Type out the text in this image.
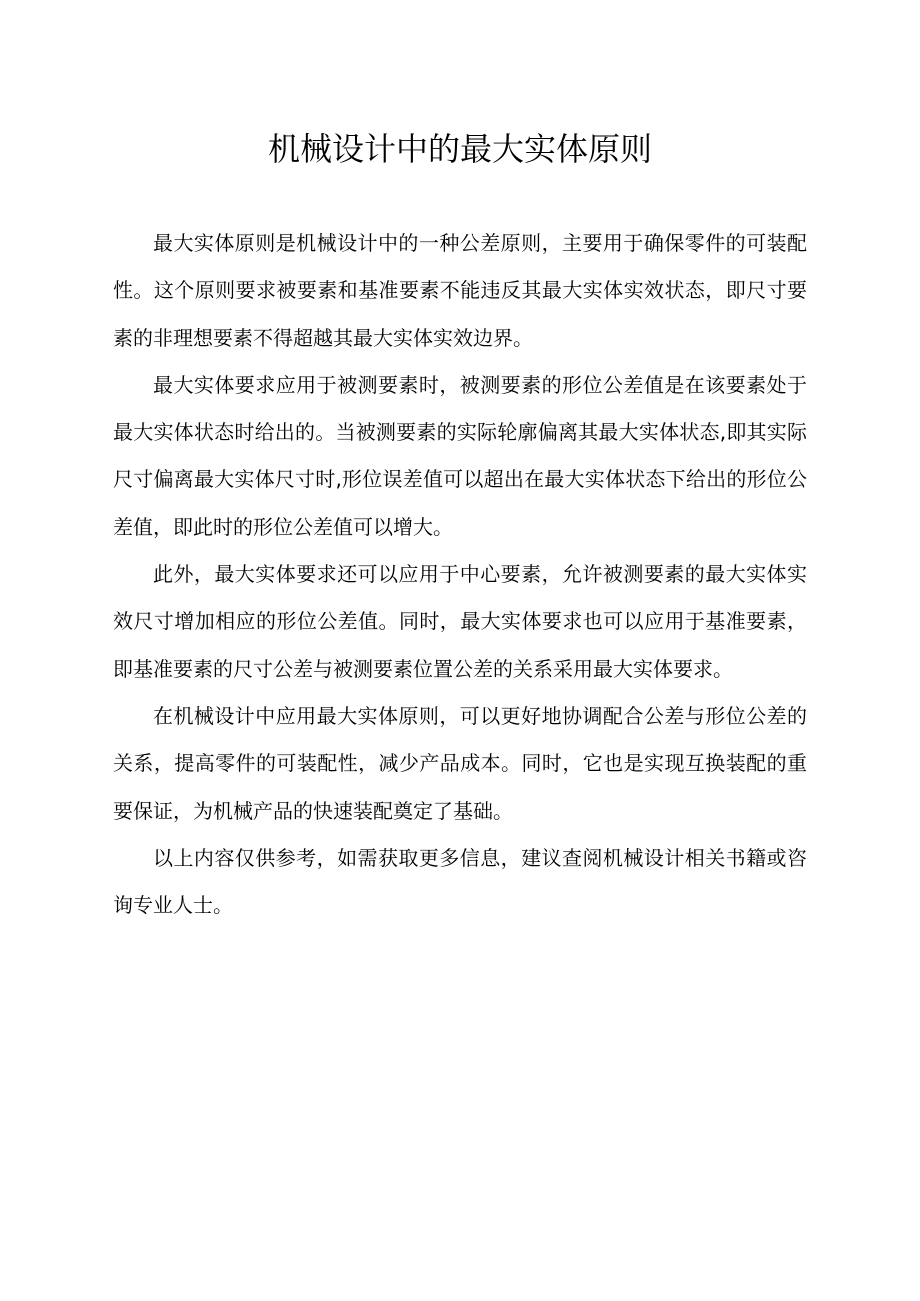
机械设计中的最大实体原则

最大实体原则是机械设计中的一种公差原则，主要用于确保零件的可装配性。这个原则要求被要素和基准要素不能违反其最大实体实效状态，即尺寸要素的非理想要素不得超越其最大实体实效边界。

最大实体要求应用于被测要素时，被测要素的形位公差值是在该要素处于最大实体状态时给出的。当被测要素的实际轮廓偏离其最大实体状态,即其实际尺寸偏离最大实体尺寸时,形位误差值可以超出在最大实体状态下给出的形位公差值，即此时的形位公差值可以增大。

此外，最大实体要求还可以应用于中心要素，允许被测要素的最大实体实效尺寸增加相应的形位公差值。同时，最大实体要求也可以应用于基准要素，即基准要素的尺寸公差与被测要素位置公差的关系采用最大实体要求。

在机械设计中应用最大实体原则，可以更好地协调配合公差与形位公差的关系，提高零件的可装配性，减少产品成本。同时，它也是实现互换装配的重要保证，为机械产品的快速装配奠定了基础。

以上内容仅供参考，如需获取更多信息，建议查阅机械设计相关书籍或咨询专业人士。
